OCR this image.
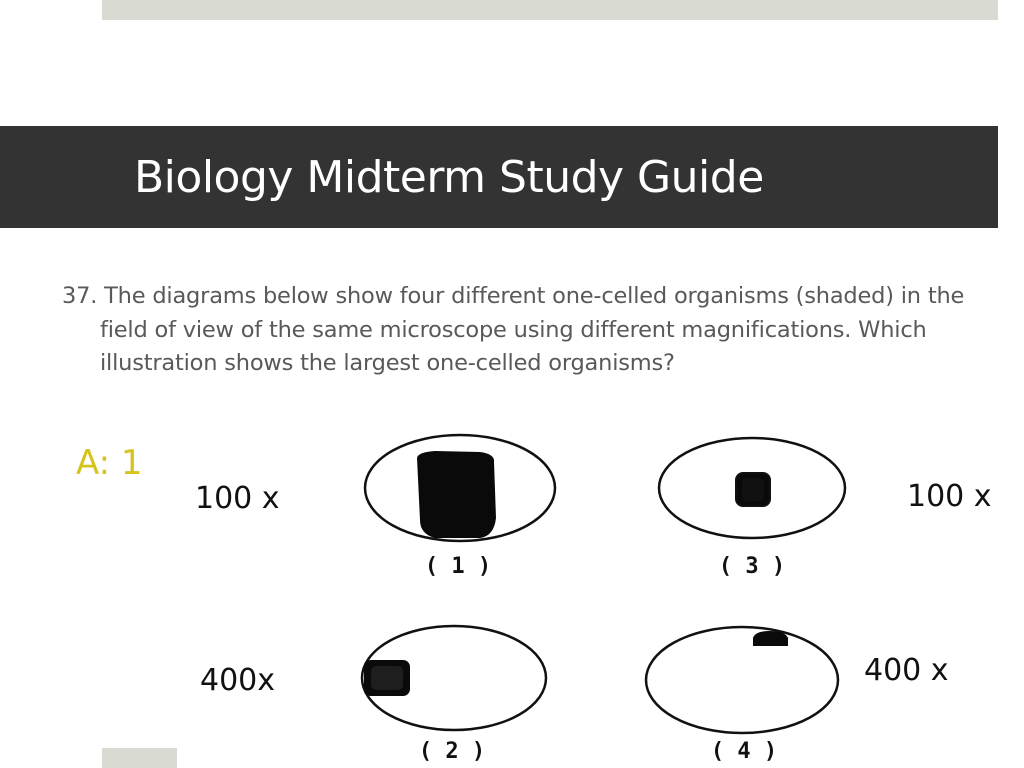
Biology Midterm Study Guide

37. The diagrams below show four different one-celled organisms (shaded) in the field of view of the same microscope using different magnifications. Which illustration shows the largest one-celled organisms?

A: 1
( 1 )
100 x
( 3 )
100 x
( 2 )
400x
( 4 )
400 x
